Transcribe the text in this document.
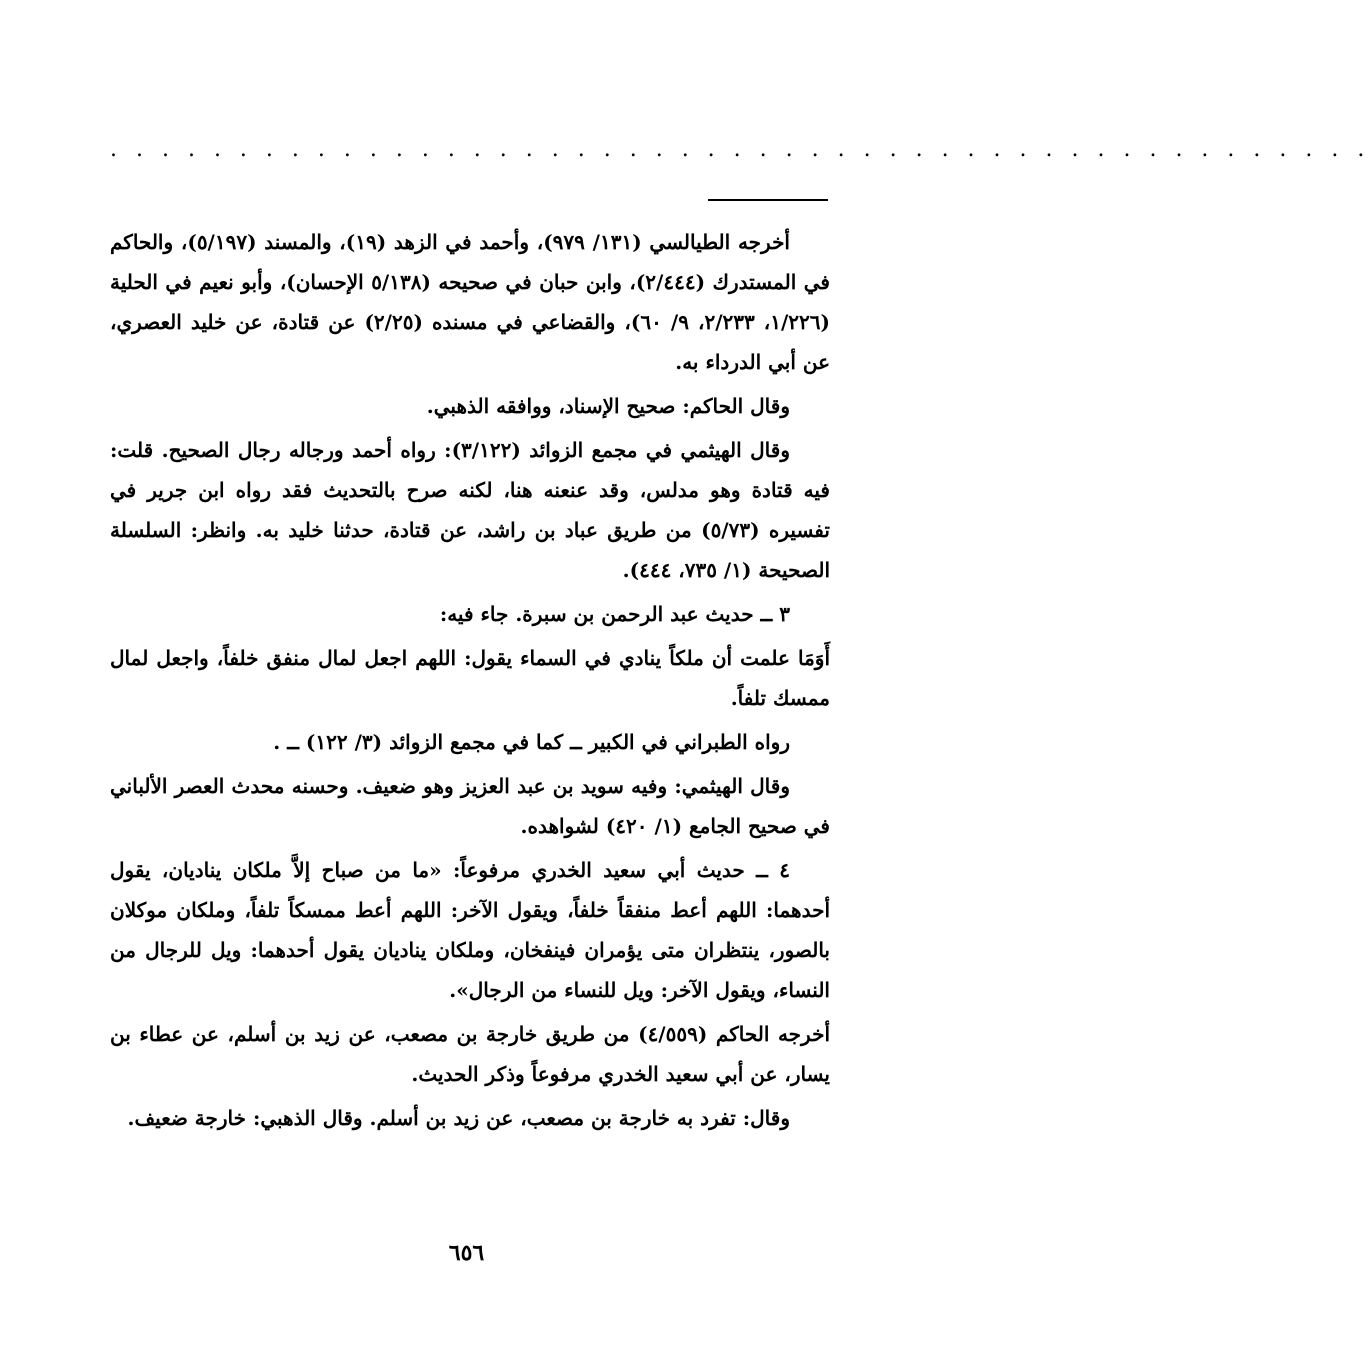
. . . . . . . . . . . . . . . . . . . . . . . . . . . . . . . . . . . . . . . . . . . . . . . . .

أخرجه الطيالسي (١٣١/ ٩٧٩)، وأحمد في الزهد (١٩)، والمسند (٥/١٩٧)، والحاكم في المستدرك (٢/٤٤٤)، وابن حبان في صحيحه (٥/١٣٨ الإحسان)، وأبو نعيم في الحلية (١/٢٢٦، ٢/٢٣٣، ٩/ ٦٠)، والقضاعي في مسنده (٢/٢٥) عن قتادة، عن خليد العصري، عن أبي الدرداء به.

وقال الحاكم: صحيح الإسناد، ووافقه الذهبي.

وقال الهيثمي في مجمع الزوائد (٣/١٢٢): رواه أحمد ورجاله رجال الصحيح. قلت: فيه قتادة وهو مدلس، وقد عنعنه هنا، لكنه صرح بالتحديث فقد رواه ابن جرير في تفسيره (٥/٧٣) من طريق عباد بن راشد، عن قتادة، حدثنا خليد به. وانظر: السلسلة الصحيحة (١/ ٧٣٥، ٤٤٤).

٣ ــ حديث عبد الرحمن بن سبرة. جاء فيه:

أَوَمَا علمت أن ملكاً ينادي في السماء يقول: اللهم اجعل لمال منفق خلفاً، واجعل لمال ممسك تلفاً.

رواه الطبراني في الكبير ــ كما في مجمع الزوائد (٣/ ١٢٢) ــ .

وقال الهيثمي: وفيه سويد بن عبد العزيز وهو ضعيف. وحسنه محدث العصر الألباني في صحيح الجامع (١/ ٤٢٠) لشواهده.

٤ ــ حديث أبي سعيد الخدري مرفوعاً: «ما من صباح إلاَّ ملكان يناديان، يقول أحدهما: اللهم أعط منفقاً خلفاً، ويقول الآخر: اللهم أعط ممسكاً تلفاً، وملكان موكلان بالصور، ينتظران متى يؤمران فينفخان، وملكان يناديان يقول أحدهما: ويل للرجال من النساء، ويقول الآخر: ويل للنساء من الرجال».

أخرجه الحاكم (٤/٥٥٩) من طريق خارجة بن مصعب، عن زيد بن أسلم، عن عطاء بن يسار، عن أبي سعيد الخدري مرفوعاً وذكر الحديث.

وقال: تفرد به خارجة بن مصعب، عن زيد بن أسلم. وقال الذهبي: خارجة ضعيف.

٦٥٦
